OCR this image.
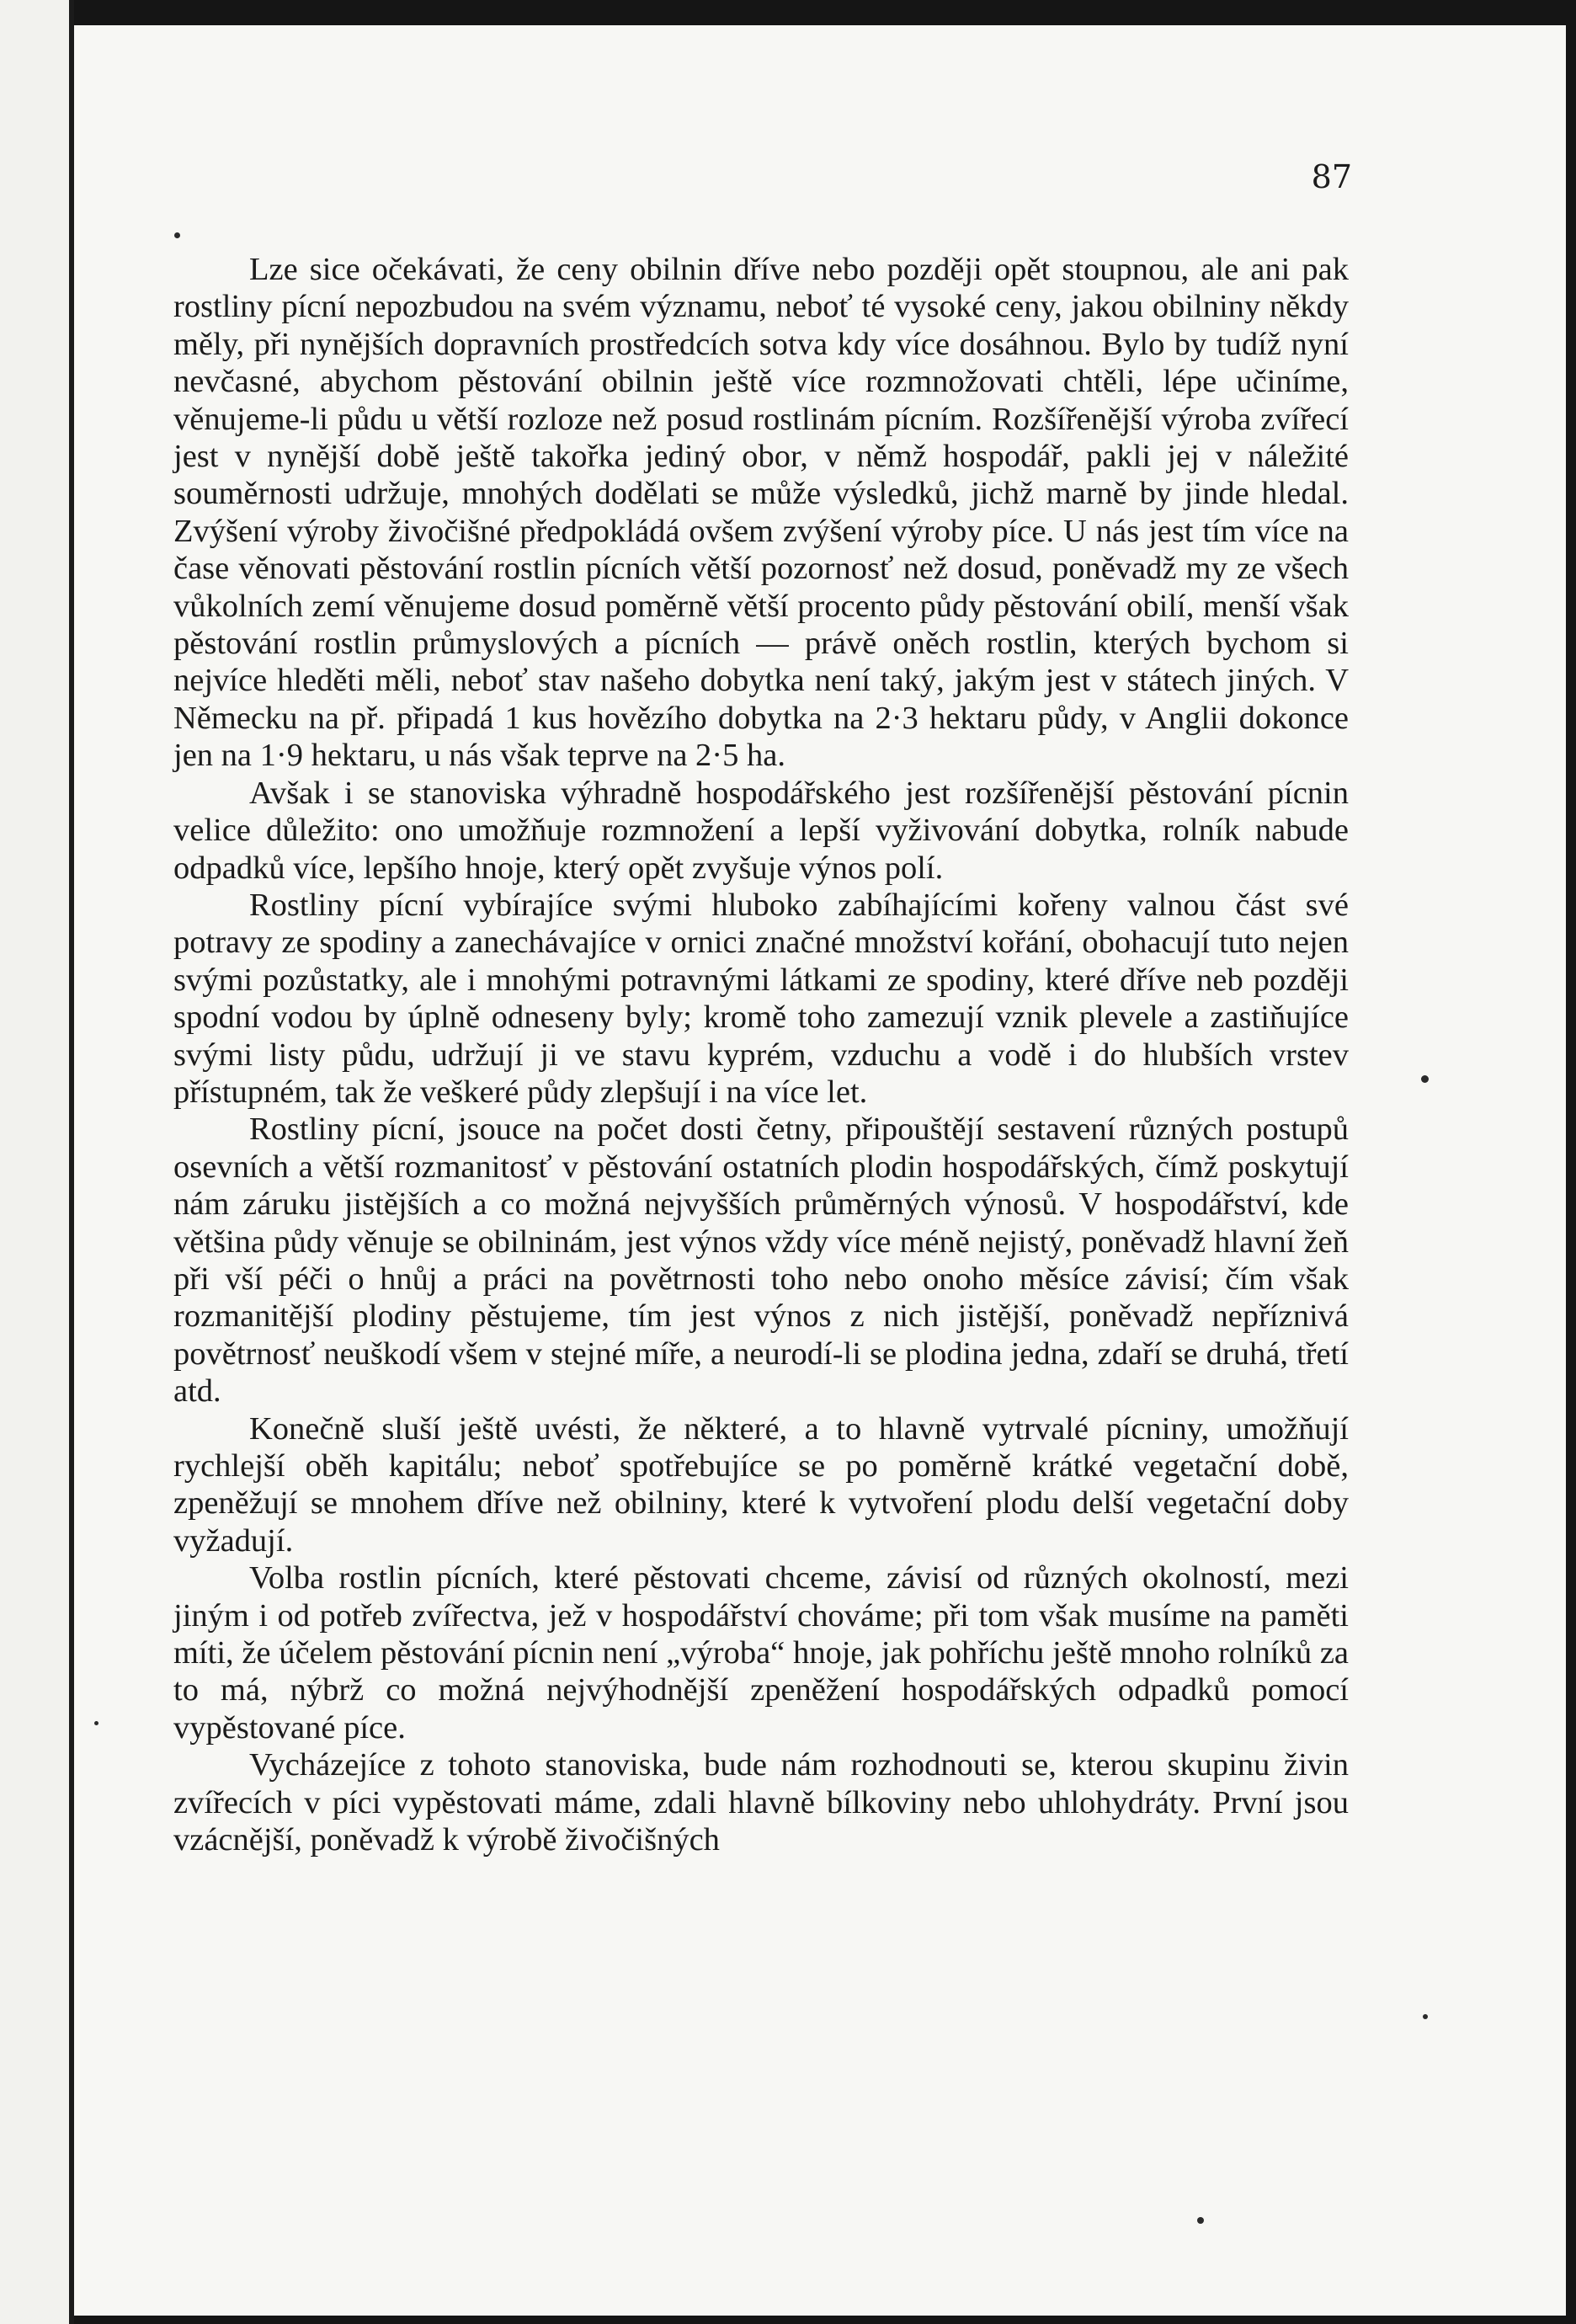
87

Lze sice očekávati, že ceny obilnin dříve nebo později opět stoupnou, ale ani pak rostliny pícní nepozbudou na svém významu, neboť té vysoké ceny, jakou obilniny někdy měly, při nynějších dopravních prostředcích sotva kdy více dosáhnou. Bylo by tudíž nyní nevčasné, abychom pěstování obilnin ještě více rozmnožovati chtěli, lépe učiníme, věnujeme-li půdu u větší rozloze než posud rostlinám pícním. Rozšířenější výroba zvířecí jest v nynější době ještě takořka jediný obor, v němž hospodář, pakli jej v náležité souměrnosti udržuje, mnohých dodělati se může výsledků, jichž marně by jinde hledal. Zvýšení výroby živočišné předpokládá ovšem zvýšení výroby píce. U nás jest tím více na čase věnovati pěstování rostlin pícních větší pozornosť než dosud, poněvadž my ze všech vůkolních zemí věnujeme dosud poměrně větší procento půdy pěstování obilí, menší však pěstování rostlin průmyslových a pícních — právě oněch rostlin, kterých bychom si nejvíce hleděti měli, neboť stav našeho dobytka není taký, jakým jest v státech jiných. V Německu na př. připadá 1 kus hovězího dobytka na 2·3 hektaru půdy, v Anglii dokonce jen na 1·9 hektaru, u nás však teprve na 2·5 ha.

Avšak i se stanoviska výhradně hospodářského jest rozšířenější pěstování pícnin velice důležito: ono umožňuje rozmnožení a lepší vyživování dobytka, rolník nabude odpadků více, lepšího hnoje, který opět zvyšuje výnos polí.

Rostliny pícní vybírajíce svými hluboko zabíhajícími kořeny valnou část své potravy ze spodiny a zanechávajíce v ornici značné množství kořání, obohacují tuto nejen svými pozůstatky, ale i mnohými potravnými látkami ze spodiny, které dříve neb později spodní vodou by úplně odneseny byly; kromě toho zamezují vznik plevele a zastiňujíce svými listy půdu, udržují ji ve stavu kyprém, vzduchu a vodě i do hlubších vrstev přístupném, tak že veškeré půdy zlepšují i na více let.

Rostliny pícní, jsouce na počet dosti četny, připouštějí sestavení různých postupů osevních a větší rozmanitosť v pěstování ostatních plodin hospodářských, čímž poskytují nám záruku jistějších a co možná nejvyšších průměrných výnosů. V hospodářství, kde většina půdy věnuje se obilninám, jest výnos vždy více méně nejistý, poněvadž hlavní žeň při vší péči o hnůj a práci na povětrnosti toho nebo onoho měsíce závisí; čím však rozmanitější plodiny pěstujeme, tím jest výnos z nich jistější, poněvadž nepříznivá povětrnosť neuškodí všem v stejné míře, a neurodí-li se plodina jedna, zdaří se druhá, třetí atd.

Konečně sluší ještě uvésti, že některé, a to hlavně vytrvalé pícniny, umožňují rychlejší oběh kapitálu; neboť spotřebujíce se po poměrně krátké vegetační době, zpeněžují se mnohem dříve než obilniny, které k vytvoření plodu delší vegetační doby vyžadují.

Volba rostlin pícních, které pěstovati chceme, závisí od různých okolností, mezi jiným i od potřeb zvířectva, jež v hospodářství chováme; při tom však musíme na paměti míti, že účelem pěstování pícnin není „výroba“ hnoje, jak pohříchu ještě mnoho rolníků za to má, nýbrž co možná nejvýhodnější zpeněžení hospodářských odpadků pomocí vypěstované píce.

Vycházejíce z tohoto stanoviska, bude nám rozhodnouti se, kterou skupinu živin zvířecích v píci vypěstovati máme, zdali hlavně bílkoviny nebo uhlohydráty. První jsou vzácnější, poněvadž k výrobě živočišných
